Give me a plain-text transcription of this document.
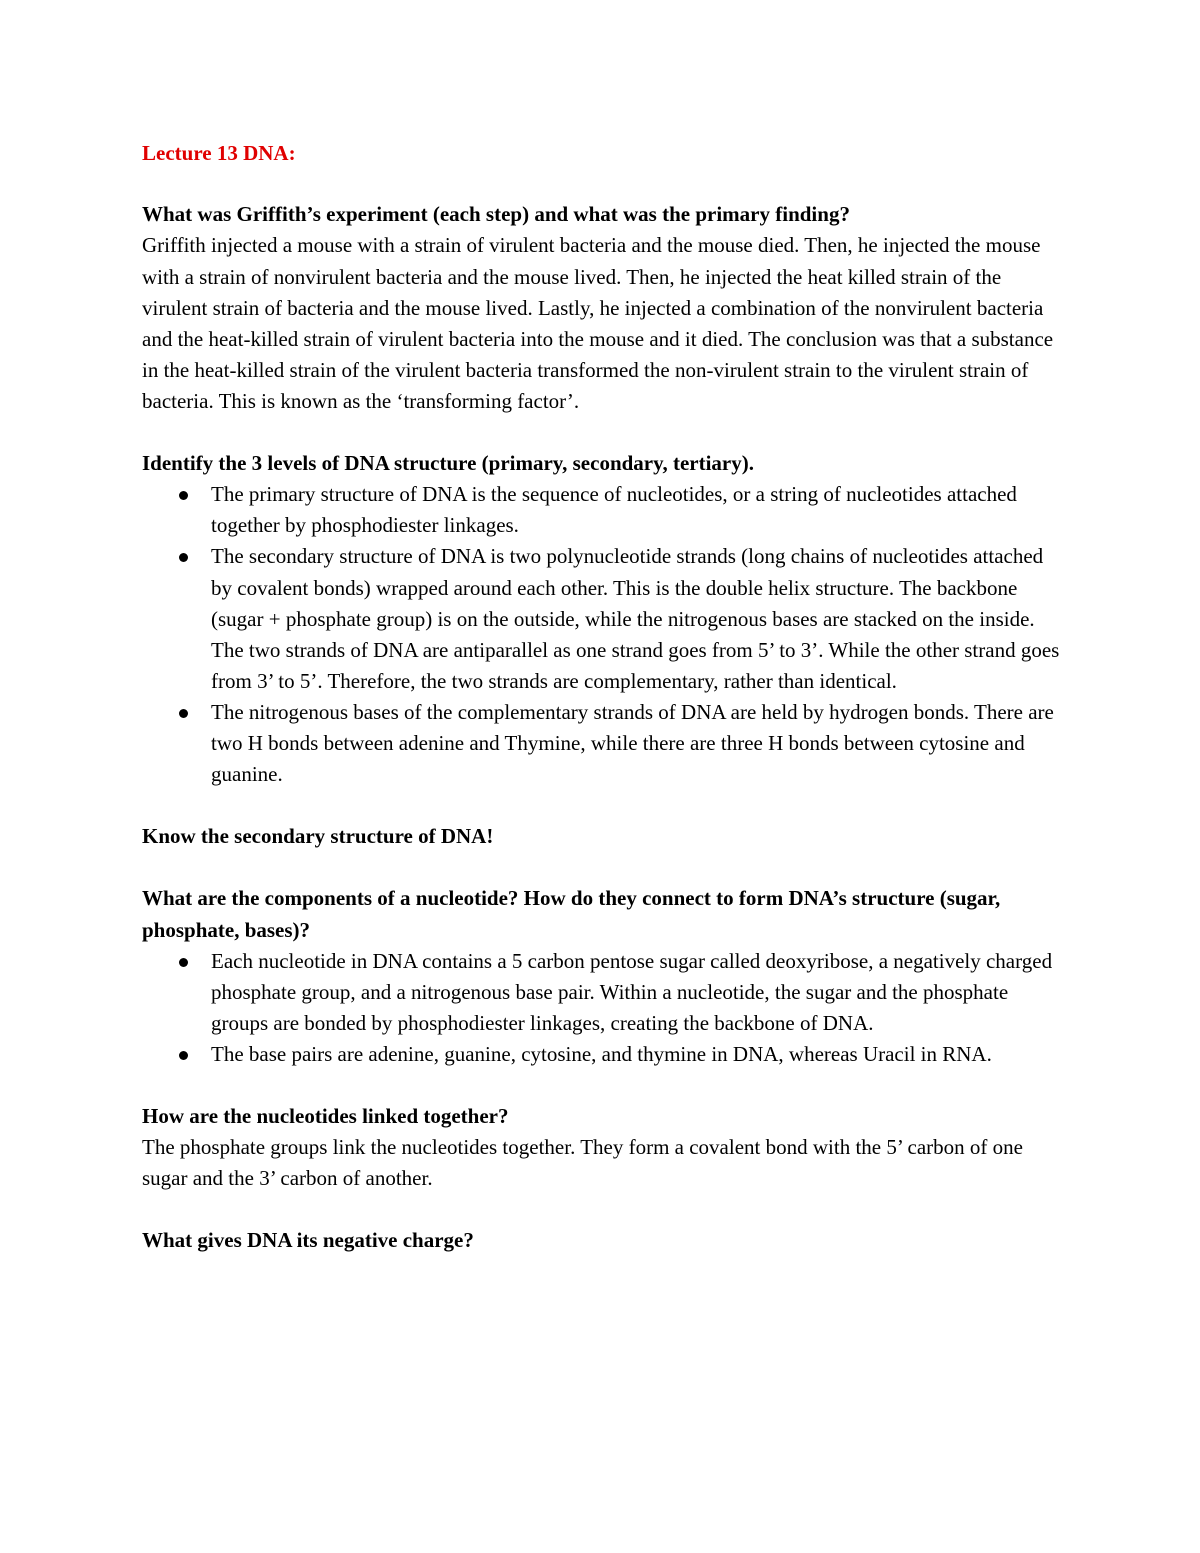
Lecture 13 DNA:
What was Griffith’s experiment (each step) and what was the primary finding?
Griffith injected a mouse with a strain of virulent bacteria and the mouse died. Then, he injected the mouse with a strain of nonvirulent bacteria and the mouse lived. Then, he injected the heat killed strain of the virulent strain of bacteria and the mouse lived. Lastly, he injected a combination of the nonvirulent bacteria and the heat-killed strain of virulent bacteria into the mouse and it died. The conclusion was that a substance in the heat-killed strain of the virulent bacteria transformed the non-virulent strain to the virulent strain of bacteria. This is known as the ‘transforming factor’.
Identify the 3 levels of DNA structure (primary, secondary, tertiary).
The primary structure of DNA is the sequence of nucleotides, or a string of nucleotides attached together by phosphodiester linkages.
The secondary structure of DNA is two polynucleotide strands (long chains of nucleotides attached by covalent bonds) wrapped around each other. This is the double helix structure. The backbone (sugar + phosphate group) is on the outside, while the nitrogenous bases are stacked on the inside. The two strands of DNA are antiparallel as one strand goes from 5’ to 3’. While the other strand goes from 3’ to 5’. Therefore, the two strands are complementary, rather than identical.
The nitrogenous bases of the complementary strands of DNA are held by hydrogen bonds. There are two H bonds between adenine and Thymine, while there are three H bonds between cytosine and guanine.
Know the secondary structure of DNA!
What are the components of a nucleotide? How do they connect to form DNA’s structure (sugar, phosphate, bases)?
Each nucleotide in DNA contains a 5 carbon pentose sugar called deoxyribose, a negatively charged phosphate group, and a nitrogenous base pair. Within a nucleotide, the sugar and the phosphate groups are bonded by phosphodiester linkages, creating the backbone of DNA.
The base pairs are adenine, guanine, cytosine, and thymine in DNA, whereas Uracil in RNA.
How are the nucleotides linked together?
The phosphate groups link the nucleotides together. They form a covalent bond with the 5’ carbon of one sugar and the 3’ carbon of another.
What gives DNA its negative charge?
